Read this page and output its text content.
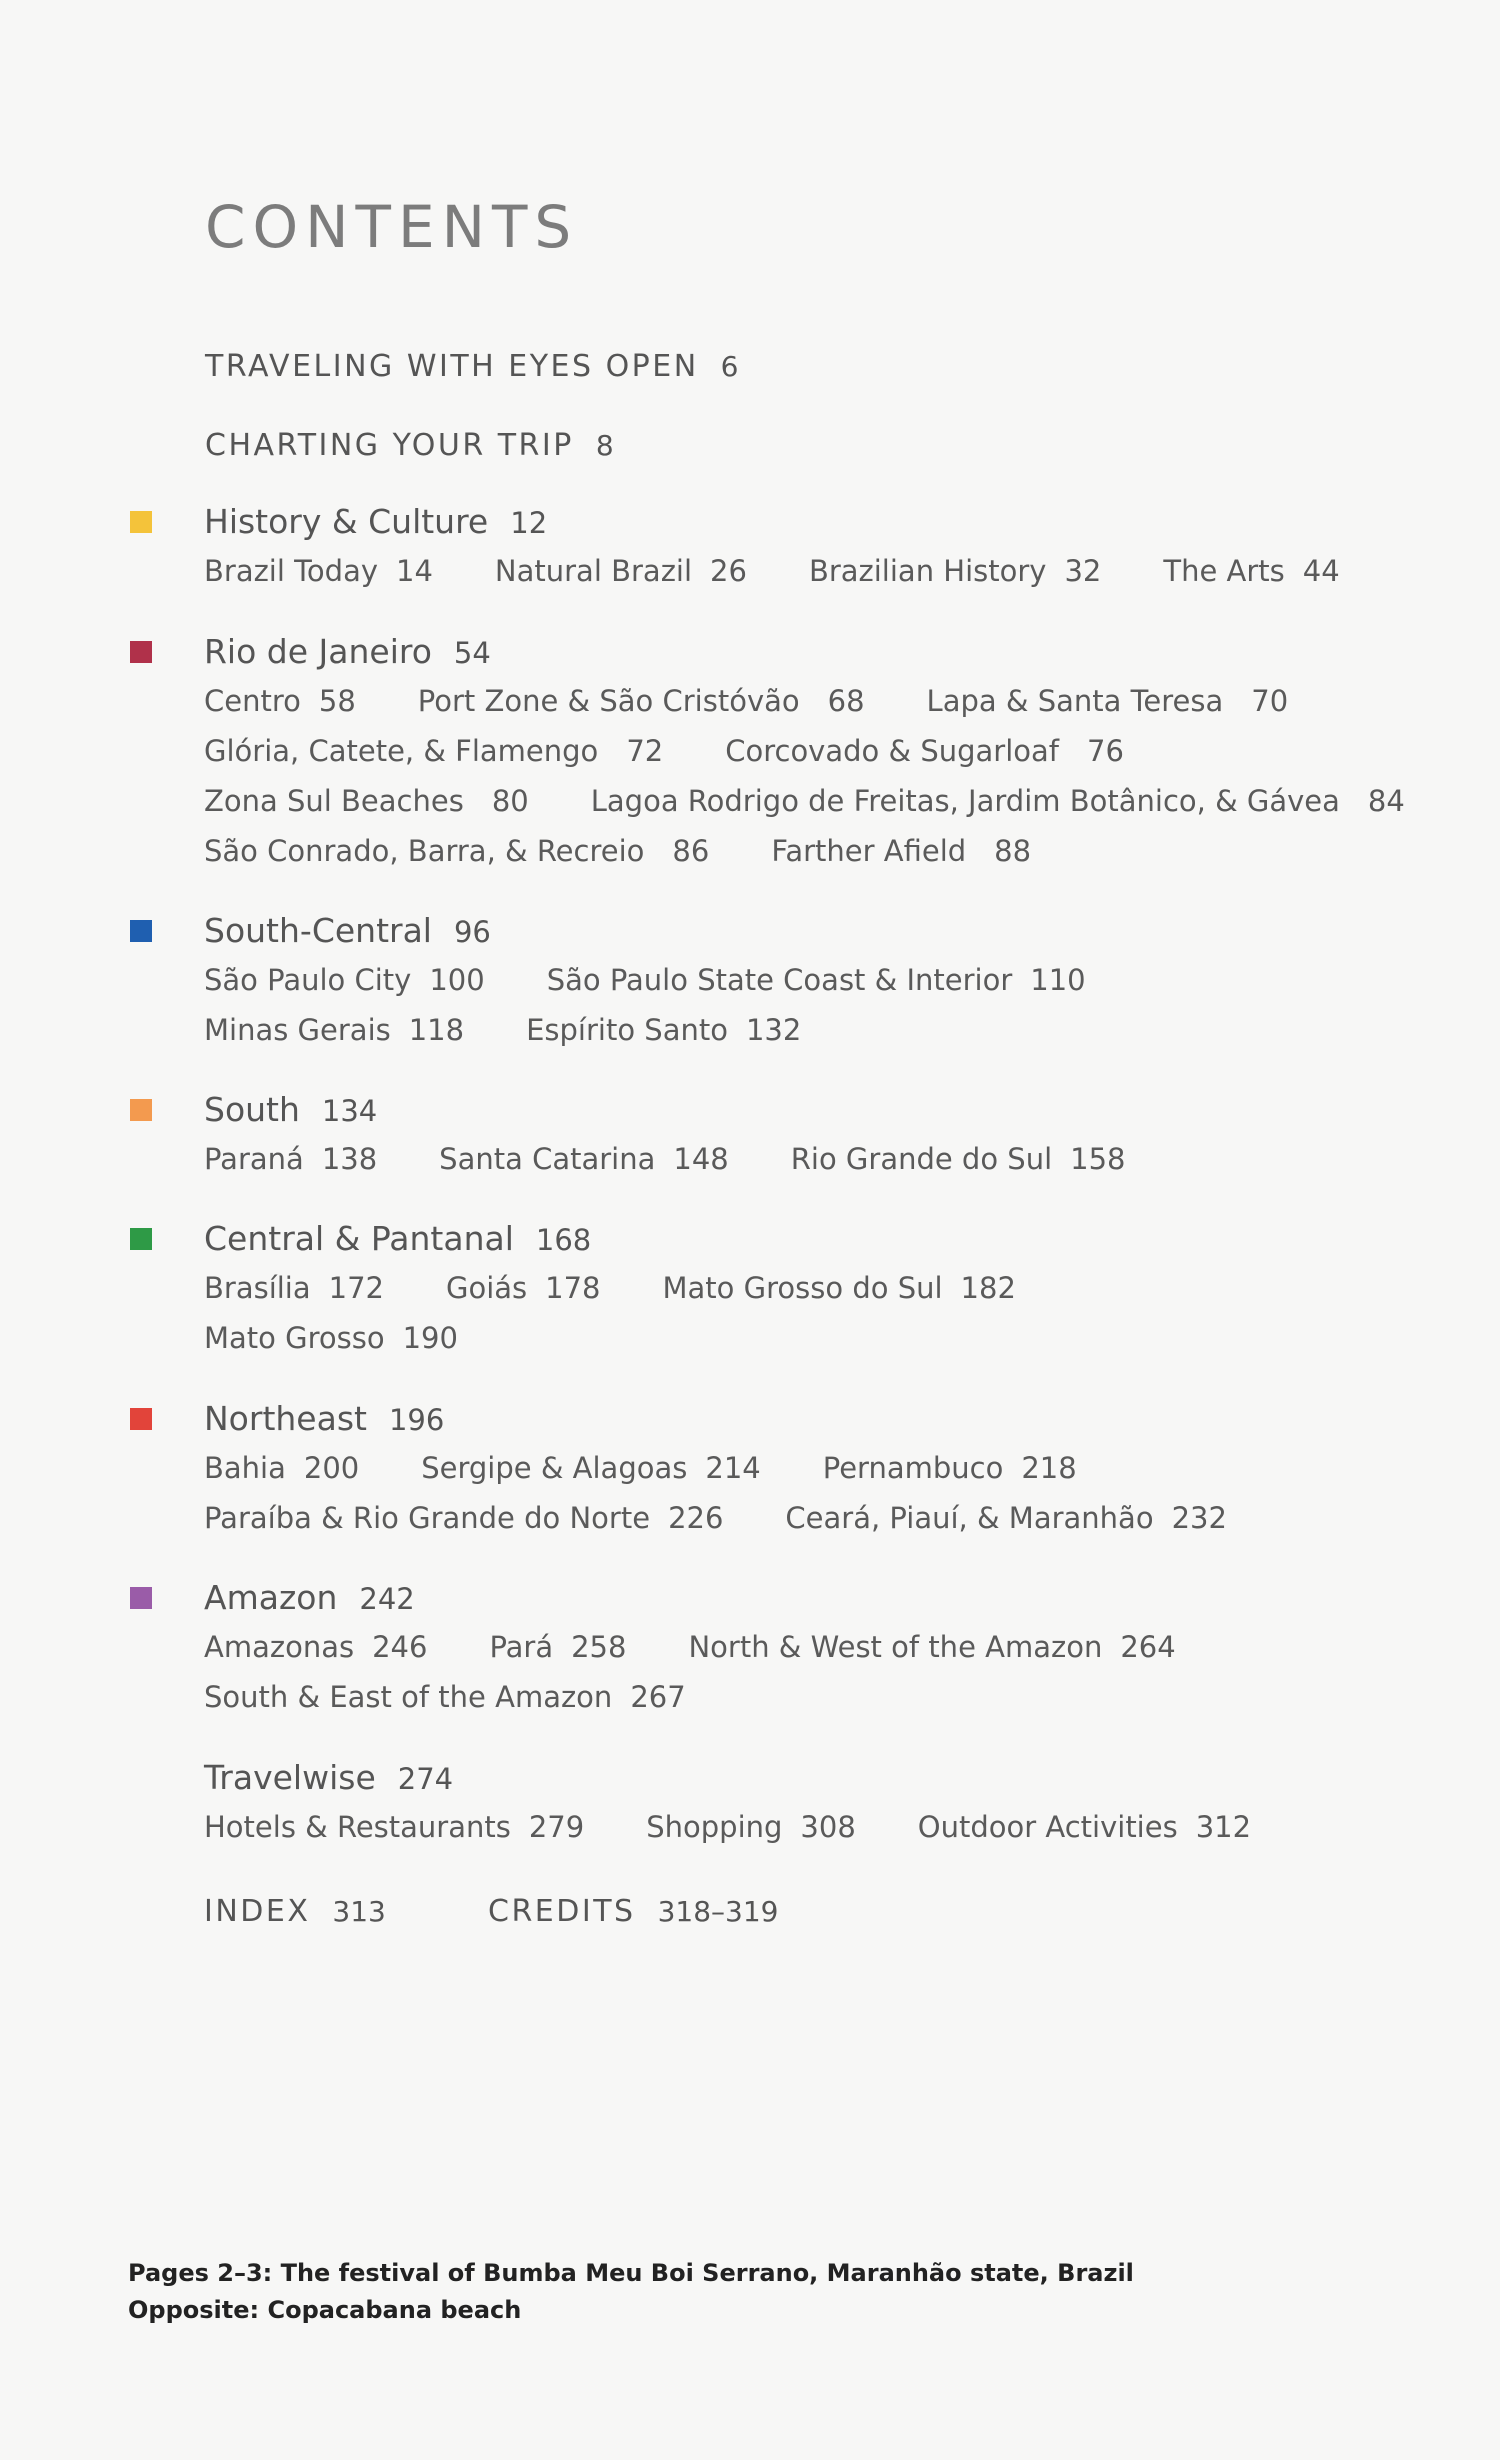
CONTENTS
TRAVELING WITH EYES OPEN 6
CHARTING YOUR TRIP 8
History & Culture 12
Brazil Today 14 Natural Brazil 26 Brazilian History 32 The Arts 44
Rio de Janeiro 54
Centro 58 Port Zone & São Cristóvão 68 Lapa & Santa Teresa 70
Glória, Catete, & Flamengo 72 Corcovado & Sugarloaf 76
Zona Sul Beaches 80 Lagoa Rodrigo de Freitas, Jardim Botânico, & Gávea 84
São Conrado, Barra, & Recreio 86 Farther Afield 88
South-Central 96
São Paulo City 100 São Paulo State Coast & Interior 110
Minas Gerais 118 Espírito Santo 132
South 134
Paraná 138 Santa Catarina 148 Rio Grande do Sul 158
Central & Pantanal 168
Brasília 172 Goiás 178 Mato Grosso do Sul 182
Mato Grosso 190
Northeast 196
Bahia 200 Sergipe & Alagoas 214 Pernambuco 218
Paraíba & Rio Grande do Norte 226 Ceará, Piauí, & Maranhão 232
Amazon 242
Amazonas 246 Pará 258 North & West of the Amazon 264
South & East of the Amazon 267
Travelwise 274
Hotels & Restaurants 279 Shopping 308 Outdoor Activities 312
INDEX 313	CREDITS 318–319
Pages 2–3: The festival of Bumba Meu Boi Serrano, Maranhão state, Brazil
Opposite: Copacabana beach
